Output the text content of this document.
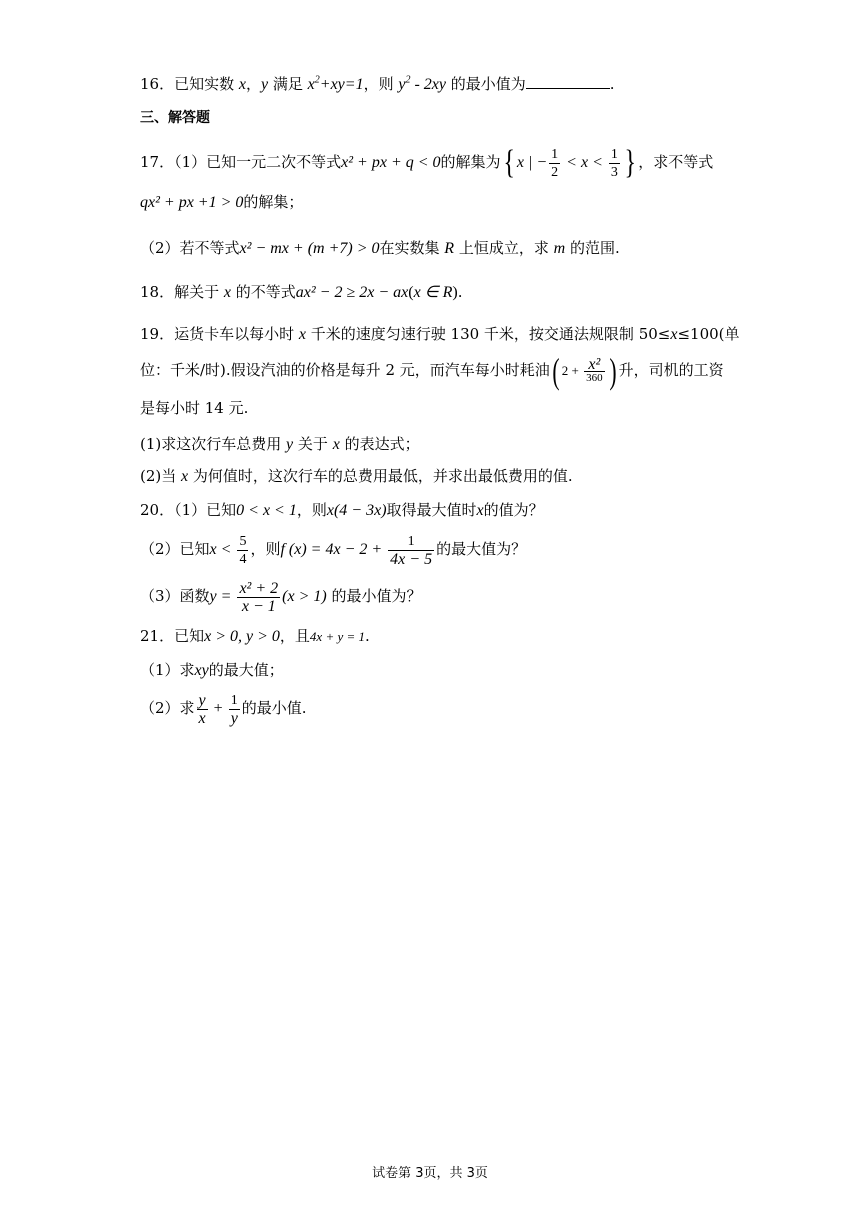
16．已知实数 x，y 满足 $x^2+xy=1$，则 $y^2 - 2xy$ 的最小值为	.
三、解答题
17．（1）已知一元二次不等式x² + px + q < 0的解集为{ x | − $\frac{1}{2} < x < \frac{1}{3}$ } ，求不等式
qx² + px +1 > 0的解集；
（2）若不等式x² − mx + (m +7) > 0在实数集 R 上恒成立，求 m 的范围.
18．解关于 x 的不等式ax² − 2 ≥ 2x − ax(x ∈ R).
19．运货卡车以每小时 x 千米的速度匀速行驶 130 千米，按交通法规限制 50≤x≤100(单
位：千米/时).假设汽油的价格是每升 2 元，而汽车每小时耗油( $2 + \frac{\text{x²}}{360}$ ) 升，司机的工资
是每小时 14 元.
(1)求这次行车总费用 y 关于 x 的表达式；
(2)当 x 为何值时，这次行车的总费用最低，并求出最低费用的值.
20．（1）已知0 < x < 1，则x(4 − 3x)取得最大值时x的值为？
（2）已知$x < \frac{5}{4}$ ，则f $(x) = 4x - 2 + \frac{1}{4x - 5}$ 的最大值为？
（3）函数$y = \frac{\text{x² + 2}}{x - 1} (x > 1)$ 的最小值为？
21．已知x > 0, y > 0，且4x + y = 1.
（1）求xy的最大值；
（2）求 $\frac{y}{x} + \frac{1}{y}$ 的最小值.
试卷第 3页，共 3页
